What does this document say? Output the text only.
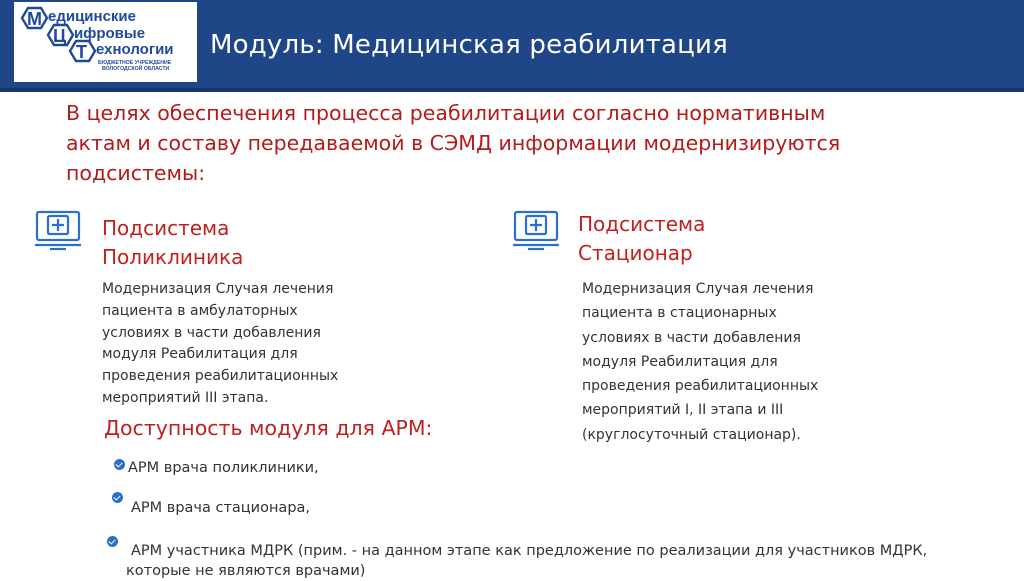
М
Ц
Т
едицинские
ифровые
ехнологии
БЮДЖЕТНОЕ УЧРЕЖДЕНИЕ
ВОЛОГОДСКОЙ ОБЛАСТИ
Модуль: Медицинская реабилитация
В целях обеспечения процесса реабилитации согласно нормативным актам и составу передаваемой в СЭМД информации модернизируются подсистемы:
Подсистема
Поликлиника
Модернизация Случая лечения
пациента в амбулаторных
условиях в части добавления
модуля Реабилитация для
проведения реабилитационных
мероприятий III этапа.
Подсистема
Стационар
Модернизация Случая лечения
пациента в стационарных
условиях в части добавления
модуля Реабилитация для
проведения реабилитационных
мероприятий I, II этапа и III
(круглосуточный стационар).
Доступность модуля для АРМ:
АРМ врача поликлиники,
АРМ врача стационара,
АРМ участника МДРК (прим. - на данном этапе как предложение по реализации для участников МДРК,
которые не являются врачами)
